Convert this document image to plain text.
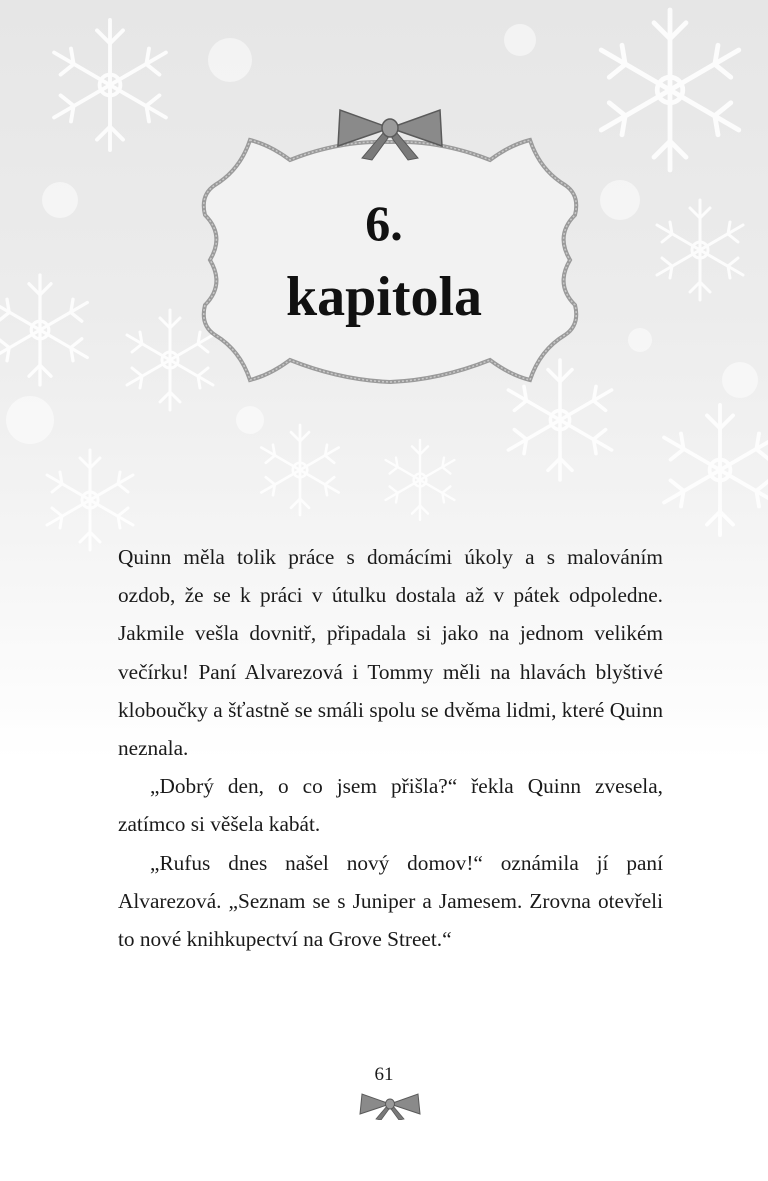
6.
kapitola

Quinn měla tolik práce s domácími úkoly a s malováním ozdob, že se k práci v útulku dostala až v pátek odpoledne. Jakmile vešla dovnitř, připadala si jako na jednom velikém večírku! Paní Alvarezová i Tommy měli na hlavách blyštivé kloboučky a šťastně se smáli spolu se dvěma lidmi, které Quinn neznala.

„Dobrý den, o co jsem přišla?“ řekla Quinn zvesela, zatímco si věšela kabát.

„Rufus dnes našel nový domov!“ oznámila jí paní Alvarezová. „Seznam se s Juniper a Jamesem. Zrovna otevřeli to nové knihkupectví na Grove Street.“

61
